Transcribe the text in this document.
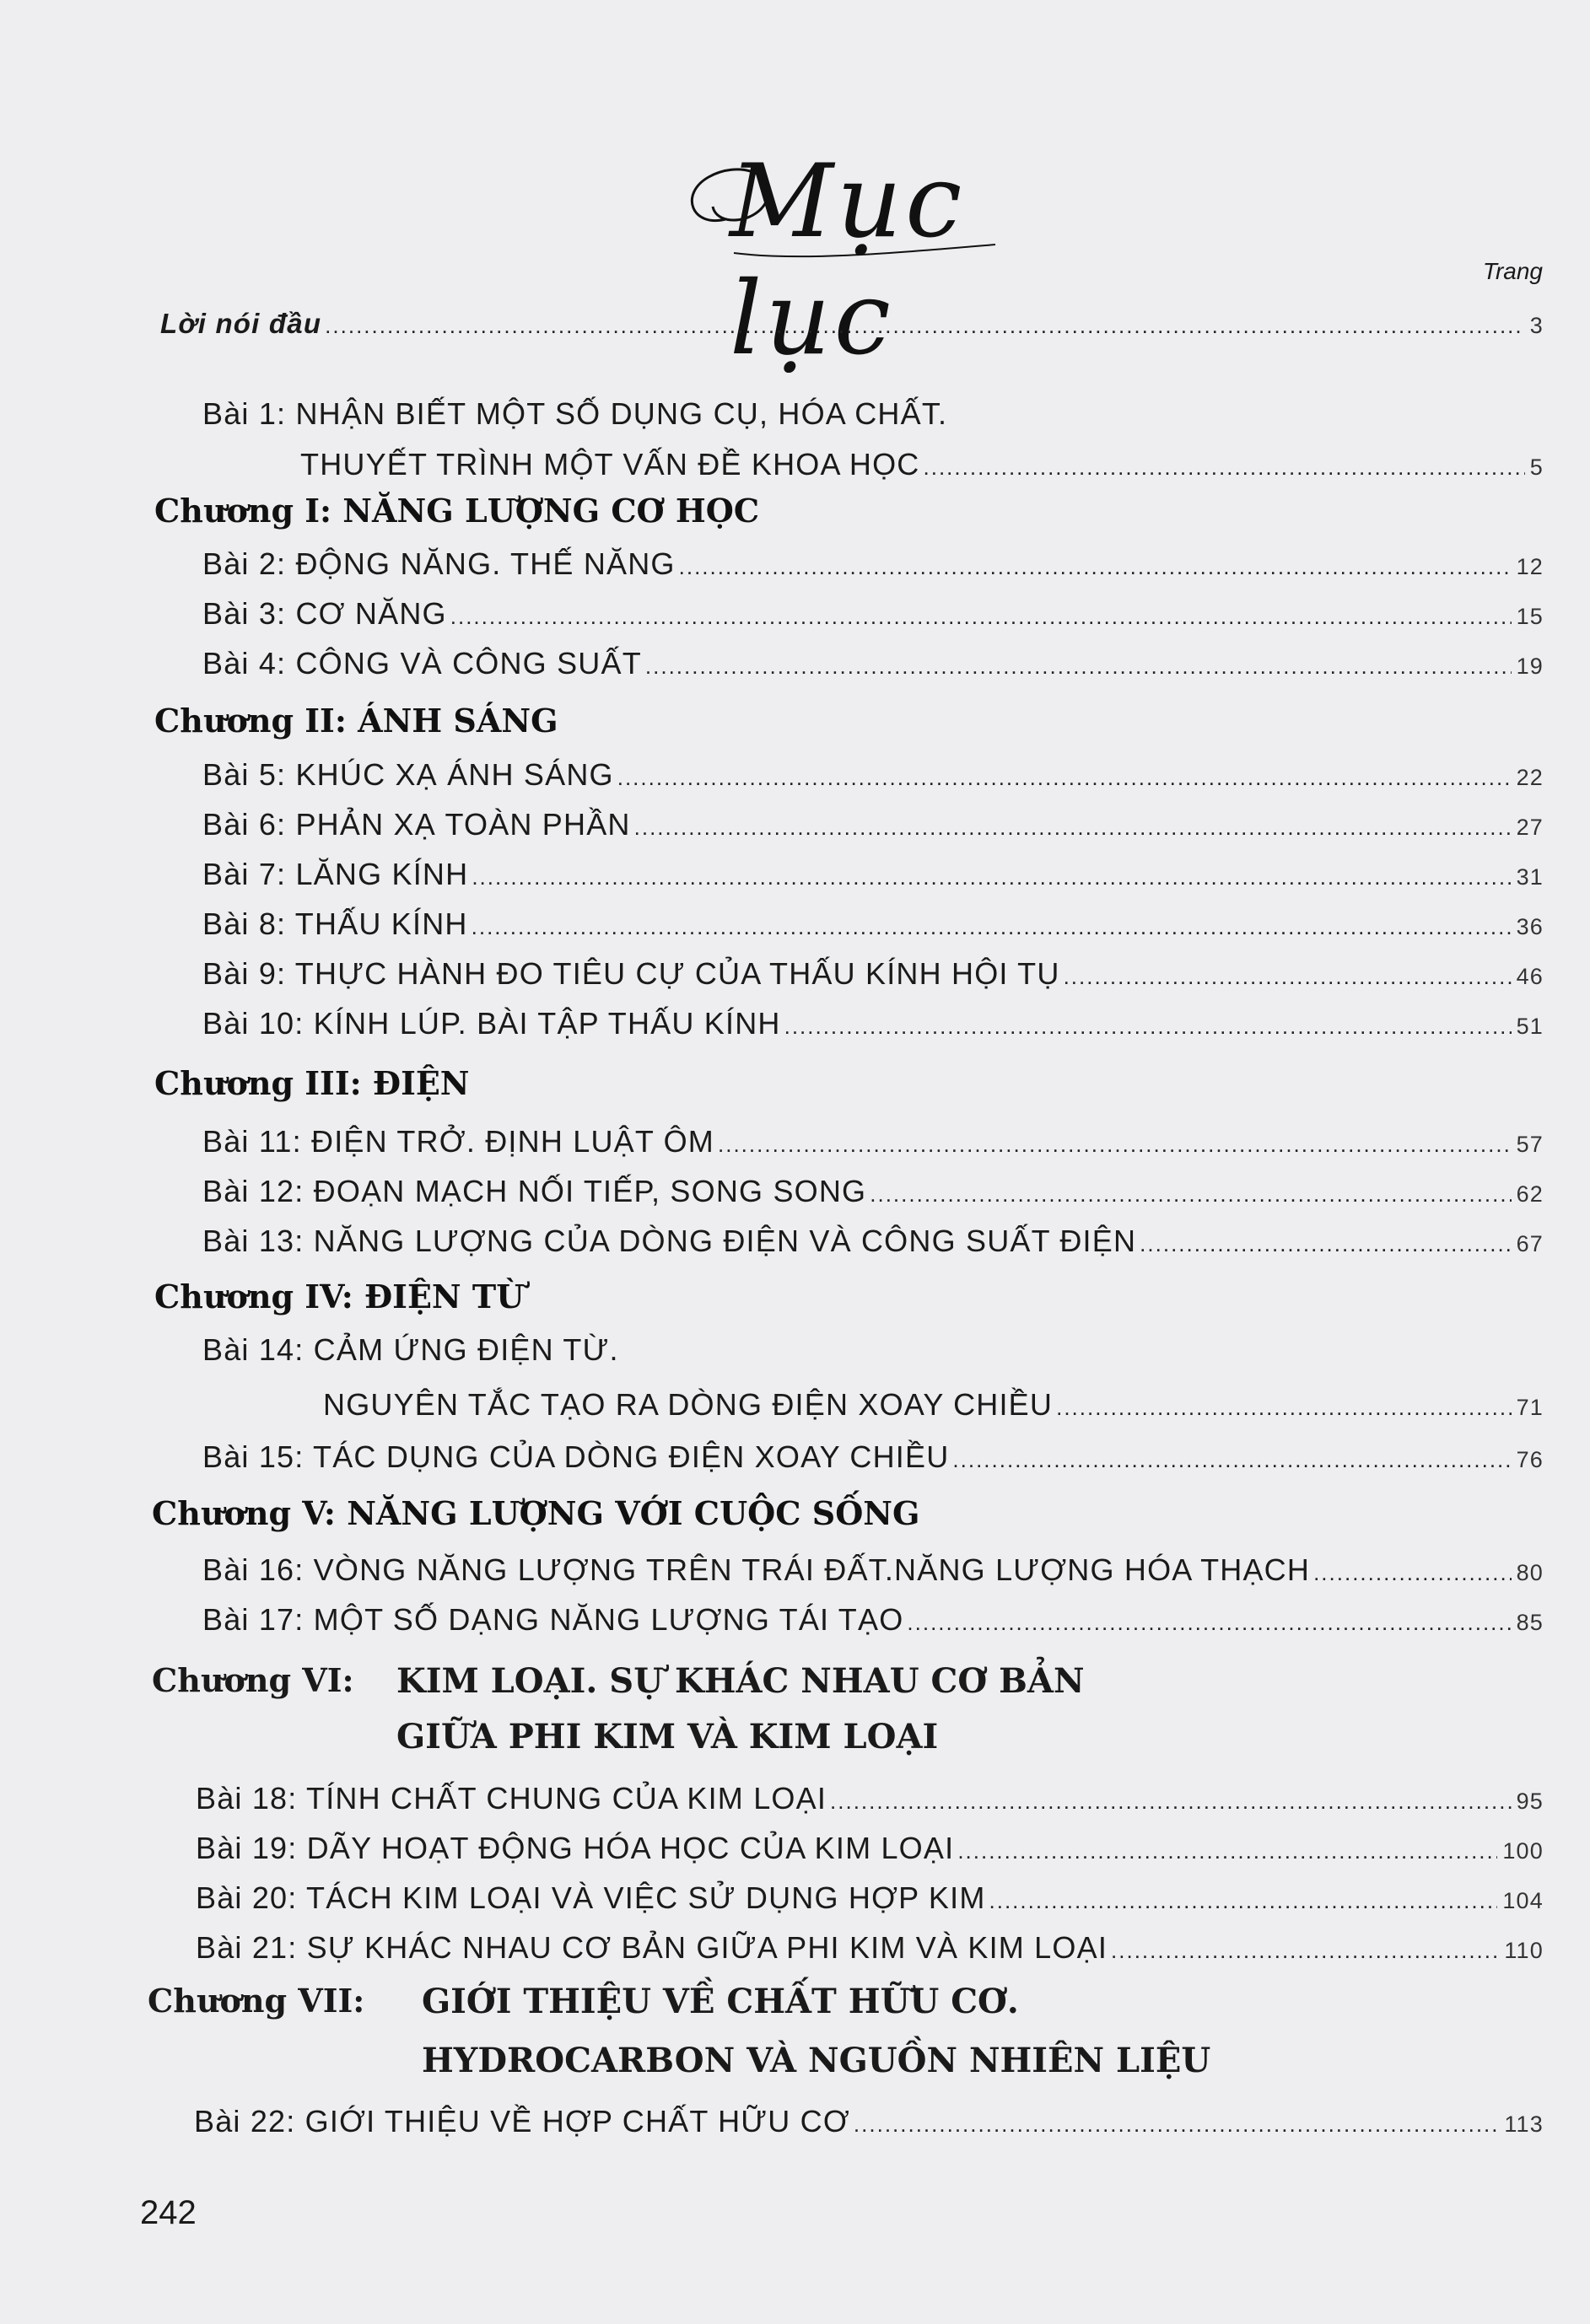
Mục lục	Trang
Lời nói đầu .....	3
Bài 1: NHẬN BIẾT MỘT SỐ DỤNG CỤ, HÓA CHẤT.
THUYẾT TRÌNH MỘT VẤN ĐỀ KHOA HỌC .....	5
Chương I: NĂNG LƯỢNG CƠ HỌC
Bài 2: ĐỘNG NĂNG. THẾ NĂNG .....	12
Bài 3: CƠ NĂNG .....	15
Bài 4: CÔNG VÀ CÔNG SUẤT .....	19
Chương II: ÁNH SÁNG
Bài 5: KHÚC XẠ ÁNH SÁNG .....	22
Bài 6: PHẢN XẠ TOÀN PHẦN .....	27
Bài 7: LĂNG KÍNH .....	31
Bài 8: THẤU KÍNH .....	36
Bài 9: THỰC HÀNH ĐO TIÊU CỰ CỦA THẤU KÍNH HỘI TỤ .....	46
Bài 10: KÍNH LÚP. BÀI TẬP THẤU KÍNH .....	51
Chương III: ĐIỆN
Bài 11: ĐIỆN TRỞ. ĐỊNH LUẬT ÔM .....	57
Bài 12: ĐOẠN MẠCH NỐI TIẾP, SONG SONG .....	62
Bài 13: NĂNG LƯỢNG CỦA DÒNG ĐIỆN VÀ CÔNG SUẤT ĐIỆN .....	67
Chương IV: ĐIỆN TỪ
Bài 14: CẢM ỨNG ĐIỆN TỪ.
NGUYÊN TẮC TẠO RA DÒNG ĐIỆN XOAY CHIỀU .....	71
Bài 15: TÁC DỤNG CỦA DÒNG ĐIỆN XOAY CHIỀU .....	76
Chương V: NĂNG LƯỢNG VỚI CUỘC SỐNG
Bài 16: VÒNG NĂNG LƯỢNG TRÊN TRÁI ĐẤT.NĂNG LƯỢNG HÓA THẠCH .....	80
Bài 17: MỘT SỐ DẠNG NĂNG LƯỢNG TÁI TẠO .....	85
Chương VI: KIM LOẠI. SỰ KHÁC NHAU CƠ BẢN
GIỮA PHI KIM VÀ KIM LOẠI
Bài 18: TÍNH CHẤT CHUNG CỦA KIM LOẠI .....	95
Bài 19: DÃY HOẠT ĐỘNG HÓA HỌC CỦA KIM LOẠI .....	100
Bài 20: TÁCH KIM LOẠI VÀ VIỆC SỬ DỤNG HỢP KIM .....	104
Bài 21: SỰ KHÁC NHAU CƠ BẢN GIỮA PHI KIM VÀ KIM LOẠI .....	110
Chương VII: GIỚI THIỆU VỀ CHẤT HỮU CƠ.
HYDROCARBON VÀ NGUỒN NHIÊN LIỆU
Bài 22: GIỚI THIỆU VỀ HỢP CHẤT HỮU CƠ .....	113
242
